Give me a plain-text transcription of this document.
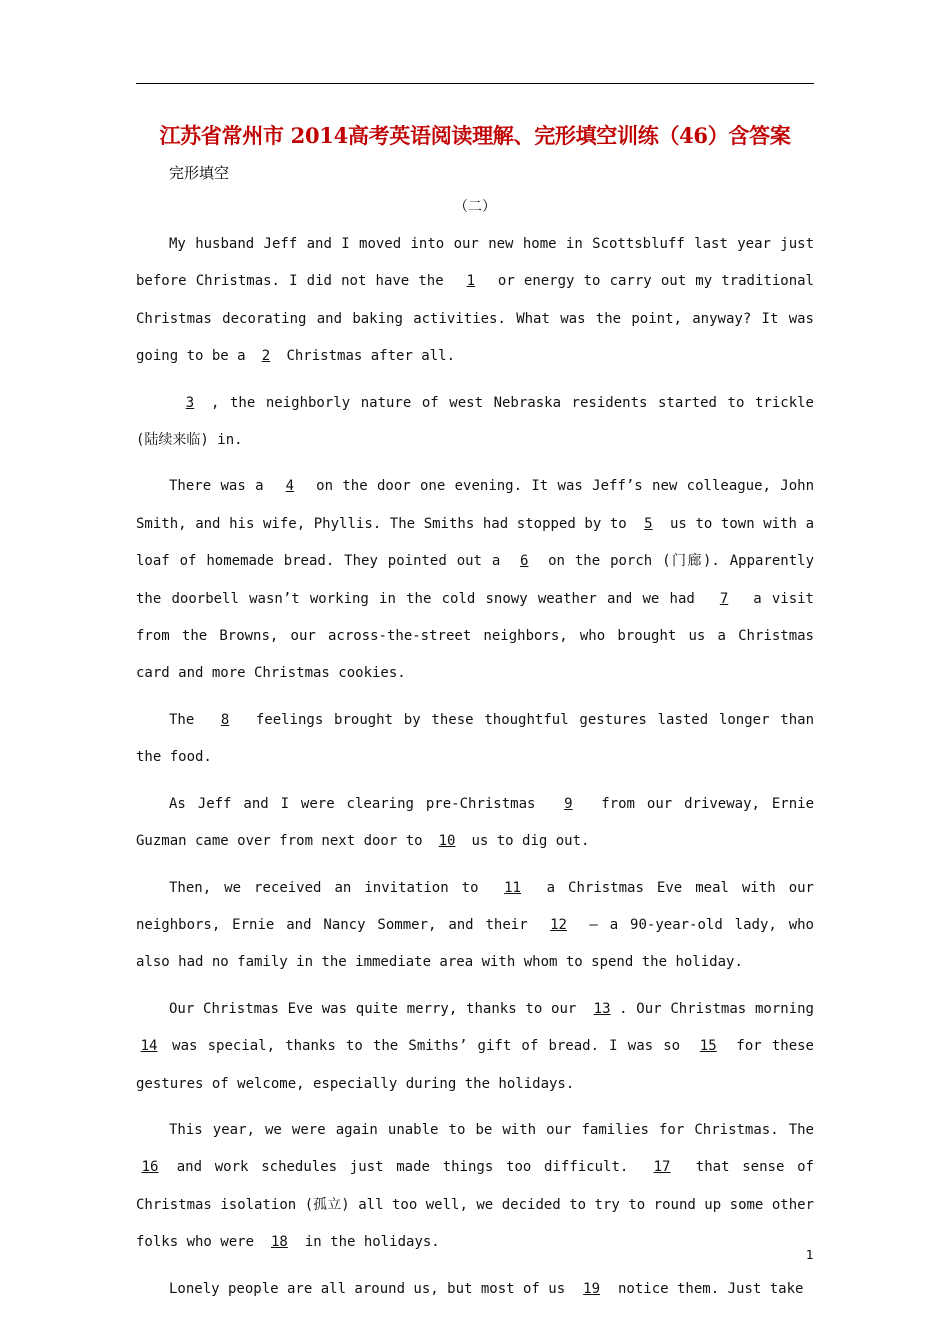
江苏省常州市 2014高考英语阅读理解、完形填空训练（46）含答案
完形填空
（二）

My husband Jeff and I moved into our new home in Scottsbluff last year just before Christmas. I did not have the 1 or energy to carry out my traditional Christmas decorating and baking activities. What was the point, anyway? It was going to be a 2 Christmas after all.

3 , the neighborly nature of west Nebraska residents started to trickle (陆续来临) in.

There was a 4 on the door one evening. It was Jeff’s new colleague, John Smith, and his wife, Phyllis. The Smiths had stopped by to 5 us to town with a loaf of homemade bread. They pointed out a 6 on the porch (门廊). Apparently the doorbell wasn’t working in the cold snowy weather and we had 7 a visit from the Browns, our across-the-street neighbors, who brought us a Christmas card and more Christmas cookies.

The 8 feelings brought by these thoughtful gestures lasted longer than the food.

As Jeff and I were clearing pre-Christmas 9 from our driveway, Ernie Guzman came over from next door to 10 us to dig out.

Then, we received an invitation to 11 a Christmas Eve meal with our neighbors, Ernie and Nancy Sommer, and their 12 — a 90-year-old lady, who also had no family in the immediate area with whom to spend the holiday.

Our Christmas Eve was quite merry, thanks to our 13 . Our Christmas morning 14 was special, thanks to the Smiths’ gift of bread. I was so 15 for these gestures of welcome, especially during the holidays.

This year, we were again unable to be with our families for Christmas. The 16 and work schedules just made things too difficult. 17 that sense of Christmas isolation (孤立) all too well, we decided to try to round up some other folks who were 18 in the holidays.

Lonely people are all around us, but most of us 19 notice them. Just take

1
